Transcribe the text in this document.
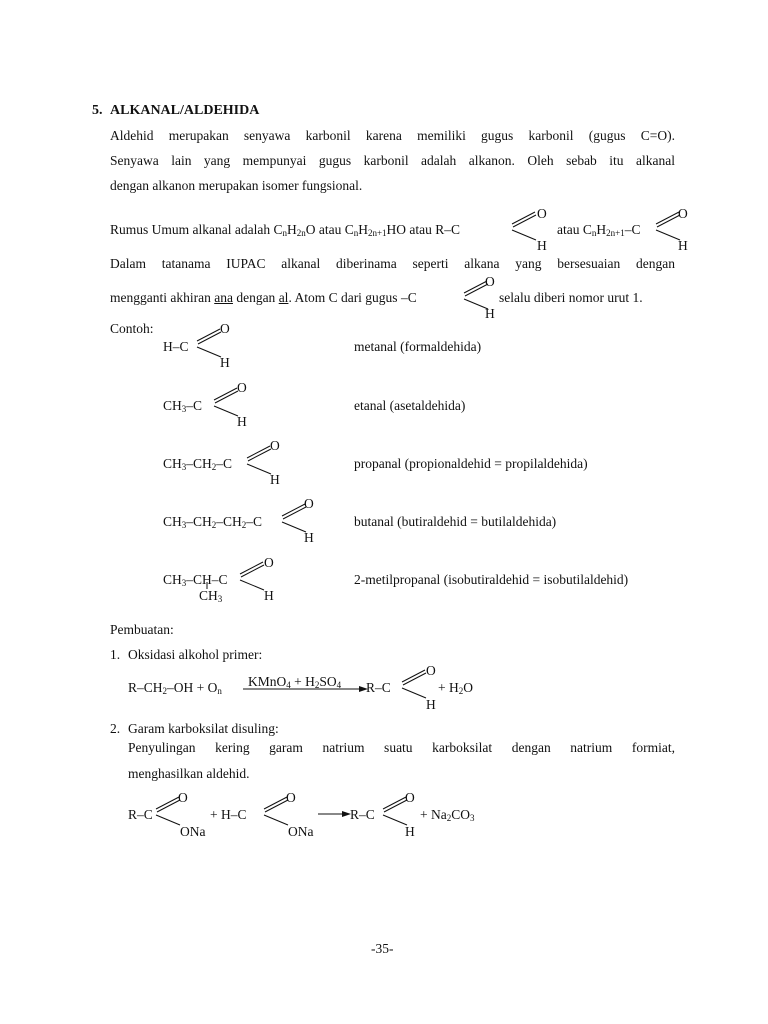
5. ALKANAL/ALDEHIDA
Aldehid merupakan senyawa karbonil karena memiliki gugus karbonil (gugus C=O).
Senyawa lain yang mempunyai gugus karbonil adalah alkanon. Oleh sebab itu alkanal
dengan alkanon merupakan isomer fungsional.
Rumus Umum alkanal adalah $C_nH_{2n}O$ atau $C_nH_{2n+1}HO$ atau R–C
O
H
atau $C_nH_{2n+1}-C$
O
H
Dalam tatanama IUPAC alkanal diberinama seperti alkana yang bersesuaian dengan
mengganti akhiran ana dengan al. Atom C dari gugus –C
O
H
selalu diberi nomor urut 1.
Contoh:
H–C
O
H
metanal (formaldehida)
$CH_3-C$
O
H
etanal (asetaldehida)
$CH_3-CH_2-C$
O
H
propanal (propionaldehid = propilaldehida)
$CH_3-CH_2-CH_2-C$
O
H
butanal (butiraldehid = butilaldehida)
$CH_3-CH-C$
$CH_3$
O
H
2-metilpropanal (isobutiraldehid = isobutilaldehid)
Pembuatan:
1. Oksidasi alkohol primer:
$R-CH_2-OH + O_n$
KMnO$_4$ + $H_2SO_4$ R–C
O
H
+ $H_2O$
2. Garam karboksilat disuling:
Penyulingan kering garam natrium suatu karboksilat dengan natrium formiat,
menghasilkan aldehid.
R–C
O
ONa
+ H–C
O
ONa
R–C
O
H
+ $Na_2CO_3$
-35-
